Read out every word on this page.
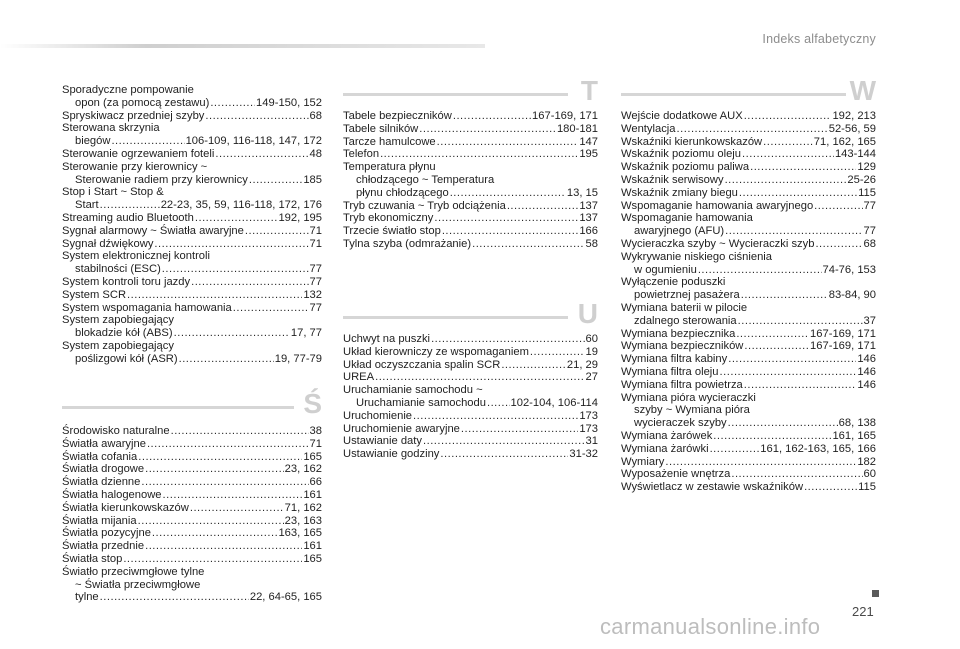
Indeks alfabetyczny
Sporadyczne pompowanie
opon (za pomocą zestawu) .....	149-150, 152
Spryskiwacz przedniej szyby .....	68
Sterowana skrzynia
biegów .....	106-109, 116-118, 147, 172
Sterowanie ogrzewaniem foteli .....	48
Sterowanie przy kierownicy ~
Sterowanie radiem przy kierownicy .....	185
Stop i Start ~ Stop &
Start .....	22-23, 35, 59, 116-118, 172, 176
Streaming audio Bluetooth .....	192, 195
Sygnał alarmowy ~ Światła awaryjne .....	71
Sygnał dźwiękowy .....	71
System elektronicznej kontroli
stabilności (ESC) .....	77
System kontroli toru jazdy .....	77
System SCR .....	132
System wspomagania hamowania .....	77
System zapobiegający
blokadzie kół (ABS) .....	17, 77
System zapobiegający
poślizgowi kół (ASR) .....	19, 77-79
Ś
Środowisko naturalne .....	38
Światła awaryjne .....	71
Światła cofania .....	165
Światła drogowe .....	23, 162
Światła dzienne .....	66
Światła halogenowe .....	161
Światła kierunkowskazów .....	71, 162
Światła mijania .....	23, 163
Światła pozycyjne .....	163, 165
Światła przednie .....	161
Światła stop .....	165
Światło przeciwmgłowe tylne
~ Światła przeciwmgłowe
tylne .....	22, 64-65, 165
T
Tabele bezpieczników .....	167-169, 171
Tabele silników .....	180-181
Tarcze hamulcowe .....	147
Telefon .....	195
Temperatura płynu
chłodzącego ~ Temperatura
płynu chłodzącego .....	13, 15
Tryb czuwania ~ Tryb odciążenia .....	137
Tryb ekonomiczny .....	137
Trzecie światło stop .....	166
Tylna szyba (odmrażanie) .....	58
U
Uchwyt na puszki .....	60
Układ kierowniczy ze wspomaganiem .....	19
Układ oczyszczania spalin SCR .....	21, 29
UREA .....	27
Uruchamianie samochodu ~
Uruchamianie samochodu ..... 102-104, 106-114
Uruchomienie .....	173
Uruchomienie awaryjne .....	173
Ustawianie daty .....	31
Ustawianie godziny .....	31-32
W
Wejście dodatkowe AUX .....	192, 213
Wentylacja .....	52-56, 59
Wskaźniki kierunkowskazów .....	71, 162, 165
Wskaźnik poziomu oleju .....	143-144
Wskaźnik poziomu paliwa .....	129
Wskaźnik serwisowy .....	25-26
Wskaźnik zmiany biegu .....	115
Wspomaganie hamowania awaryjnego .....	77
Wspomaganie hamowania
awaryjnego (AFU) .....	77
Wycieraczka szyby ~ Wycieraczki szyb .....	68
Wykrywanie niskiego ciśnienia
w ogumieniu .....	74-76, 153
Wyłączenie poduszki
powietrznej pasażera .....	83-84, 90
Wymiana baterii w pilocie
zdalnego sterowania .....	37
Wymiana bezpiecznika .....	167-169, 171
Wymiana bezpieczników .....	167-169, 171
Wymiana filtra kabiny .....	146
Wymiana filtra oleju .....	146
Wymiana filtra powietrza .....	146
Wymiana pióra wycieraczki
szyby ~ Wymiana pióra
wycieraczek szyby .....	68, 138
Wymiana żarówek .....	161, 165
Wymiana żarówki .....	161, 162-163, 165, 166
Wymiary .....	182
Wyposażenie wnętrza .....	60
Wyświetlacz w zestawie wskaźników .....	115
221
carmanualsonline.info
